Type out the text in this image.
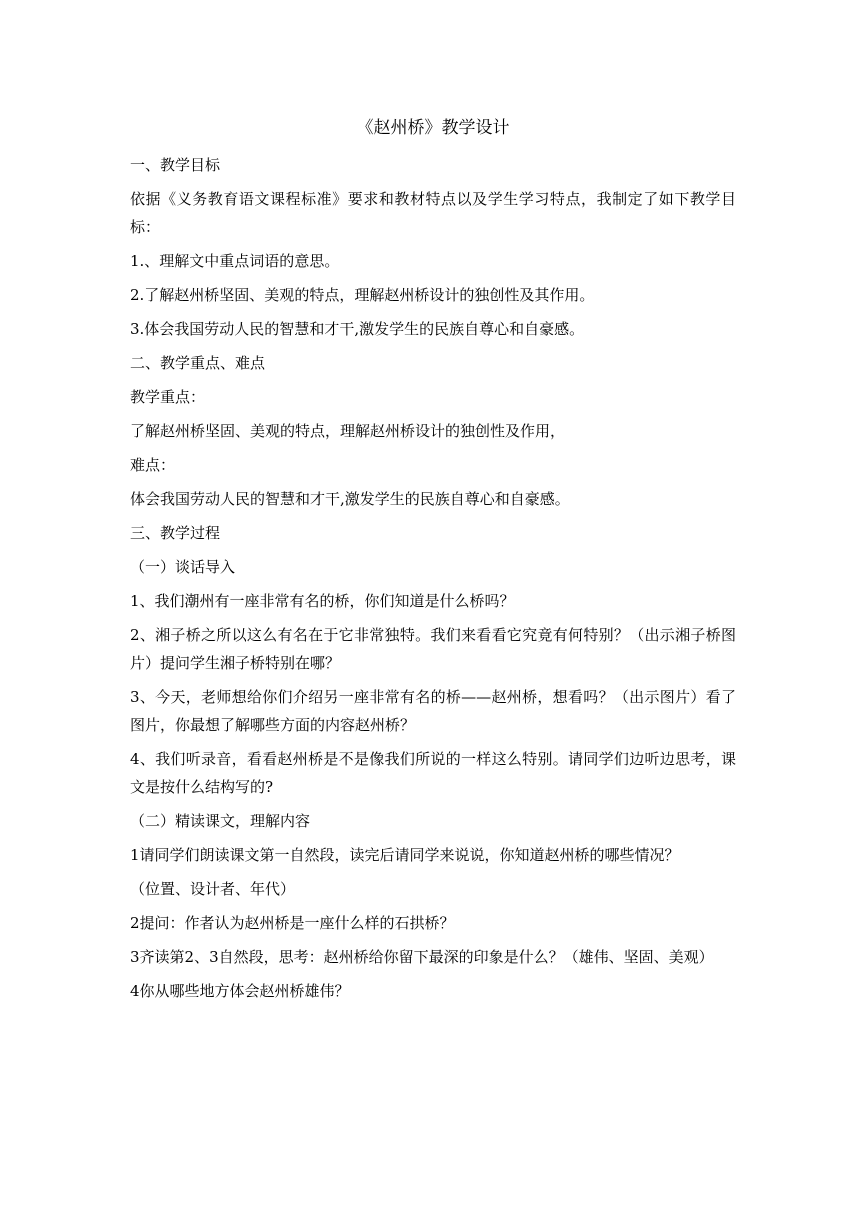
《赵州桥》教学设计
一、教学目标
依据《义务教育语文课程标准》要求和教材特点以及学生学习特点，我制定了如下教学目标：
1.、理解文中重点词语的意思。
2.了解赵州桥坚固、美观的特点，理解赵州桥设计的独创性及其作用。
3.体会我国劳动人民的智慧和才干,激发学生的民族自尊心和自豪感。
二、教学重点、难点
教学重点：
了解赵州桥坚固、美观的特点，理解赵州桥设计的独创性及作用，
难点：
体会我国劳动人民的智慧和才干,激发学生的民族自尊心和自豪感。
三、教学过程
（一）谈话导入
1、我们潮州有一座非常有名的桥，你们知道是什么桥吗？
2、湘子桥之所以这么有名在于它非常独特。我们来看看它究竟有何特别？（出示湘子桥图片）提问学生湘子桥特别在哪？
3、今天，老师想给你们介绍另一座非常有名的桥——赵州桥，想看吗？（出示图片）看了图片，你最想了解哪些方面的内容赵州桥？
4、我们听录音，看看赵州桥是不是像我们所说的一样这么特别。请同学们边听边思考，课文是按什么结构写的?
（二）精读课文，理解内容
1请同学们朗读课文第一自然段，读完后请同学来说说，你知道赵州桥的哪些情况？
（位置、设计者、年代）
2提问：作者认为赵州桥是一座什么样的石拱桥？
3齐读第2、3自然段，思考：赵州桥给你留下最深的印象是什么？（雄伟、坚固、美观）
4你从哪些地方体会赵州桥雄伟？
